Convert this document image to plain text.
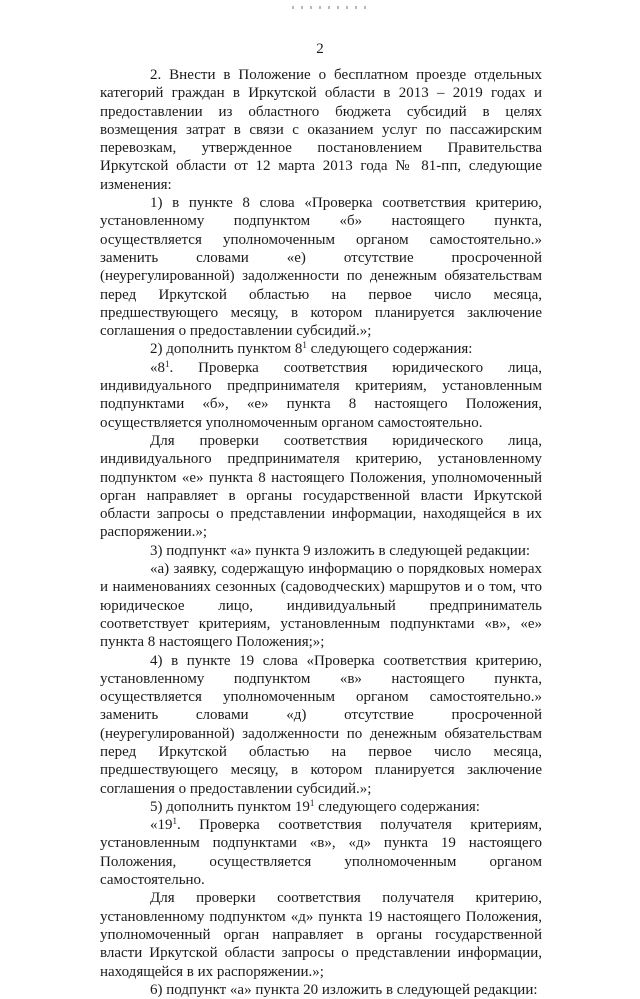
2

2. Внести в Положение о бесплатном проезде отдельных категорий граждан в Иркутской области в 2013 – 2019 годах и предоставлении из областного бюджета субсидий в целях возмещения затрат в связи с оказанием услуг по пассажирским перевозкам, утвержденное постановлением Правительства Иркутской области от 12 марта 2013 года № 81-пп, следующие изменения:

1) в пункте 8 слова «Проверка соответствия критерию, установленному подпунктом «б» настоящего пункта, осуществляется уполномоченным органом самостоятельно.» заменить словами «е) отсутствие просроченной (неурегулированной) задолженности по денежным обязательствам перед Иркутской областью на первое число месяца, предшествующего месяцу, в котором планируется заключение соглашения о предоставлении субсидий.»;

2) дополнить пунктом $8^1$ следующего содержания:

«$8^1$. Проверка соответствия юридического лица, индивидуального предпринимателя критериям, установленным подпунктами «б», «е» пункта 8 настоящего Положения, осуществляется уполномоченным органом самостоятельно.

Для проверки соответствия юридического лица, индивидуального предпринимателя критерию, установленному подпунктом «е» пункта 8 настоящего Положения, уполномоченный орган направляет в органы государственной власти Иркутской области запросы о представлении информации, находящейся в их распоряжении.»;

3) подпункт «а» пункта 9 изложить в следующей редакции:

«а) заявку, содержащую информацию о порядковых номерах и наименованиях сезонных (садоводческих) маршрутов и о том, что юридическое лицо, индивидуальный предприниматель соответствует критериям, установленным подпунктами «в», «е» пункта 8 настоящего Положения;»;

4) в пункте 19 слова «Проверка соответствия критерию, установленному подпунктом «в» настоящего пункта, осуществляется уполномоченным органом самостоятельно.» заменить словами «д) отсутствие просроченной (неурегулированной) задолженности по денежным обязательствам перед Иркутской областью на первое число месяца, предшествующего месяцу, в котором планируется заключение соглашения о предоставлении субсидий.»;

5) дополнить пунктом $19^1$ следующего содержания:

«$19^1$. Проверка соответствия получателя критериям, установленным подпунктами «в», «д» пункта 19 настоящего Положения, осуществляется уполномоченным органом самостоятельно.

Для проверки соответствия получателя критерию, установленному подпунктом «д» пункта 19 настоящего Положения, уполномоченный орган направляет в органы государственной власти Иркутской области запросы о представлении информации, находящейся в их распоряжении.»;

6) подпункт «а» пункта 20 изложить в следующей редакции:
